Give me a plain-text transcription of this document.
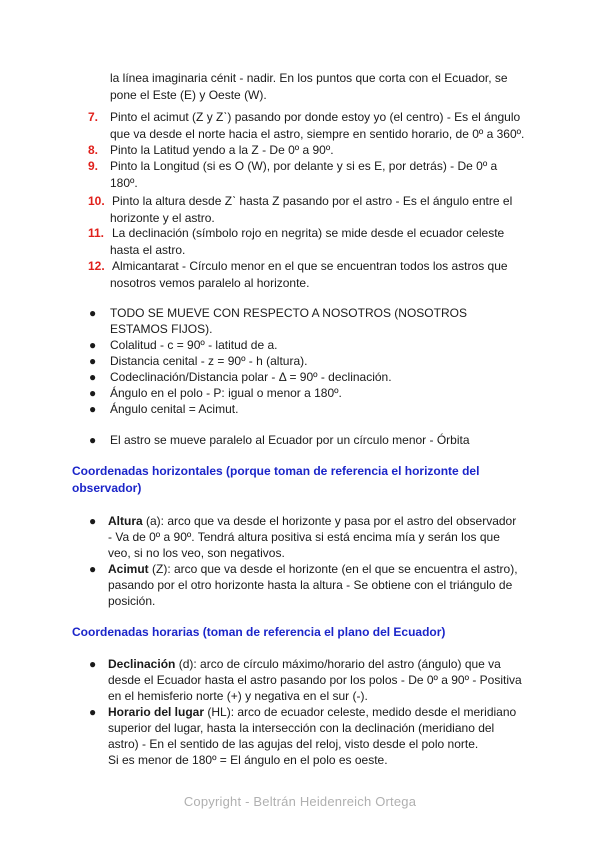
la línea imaginaria cénit - nadir. En los puntos que corta con el Ecuador, se
pone el Este (E) y Oeste (W).
7. Pinto el acimut (Z y Zˋ) pasando por donde estoy yo (el centro) - Es el ángulo
que va desde el norte hacia el astro, siempre en sentido horario, de 0º a 360º.
8. Pinto la Latitud yendo a la Z - De 0º a 90º.
9. Pinto la Longitud (si es O (W), por delante y si es E, por detrás) - De 0º a
180º.
10. Pinto la altura desde Zˋ hasta Z pasando por el astro - Es el ángulo entre el
horizonte y el astro.
11. La declinación (símbolo rojo en negrita) se mide desde el ecuador celeste
hasta el astro.
12. Almicantarat - Círculo menor en el que se encuentran todos los astros que
nosotros vemos paralelo al horizonte.
● TODO SE MUEVE CON RESPECTO A NOSOTROS (NOSOTROS
ESTAMOS FIJOS).
● Colalitud - c = 90º - latitud de a.
● Distancia cenital - z = 90º - h (altura).
● Codeclinación/Distancia polar - Δ = 90º - declinación.
● Ángulo en el polo - P: igual o menor a 180º.
● Ángulo cenital = Acimut.
● El astro se mueve paralelo al Ecuador por un círculo menor - Órbita
Coordenadas horizontales (porque toman de referencia el horizonte del
observador)
● Altura (a): arco que va desde el horizonte y pasa por el astro del observador
- Va de 0º a 90º. Tendrá altura positiva si está encima mía y serán los que
veo, si no los veo, son negativos.
● Acimut (Z): arco que va desde el horizonte (en el que se encuentra el astro),
pasando por el otro horizonte hasta la altura - Se obtiene con el triángulo de
posición.
Coordenadas horarias (toman de referencia el plano del Ecuador)
● Declinación (d): arco de círculo máximo/horario del astro (ángulo) que va
desde el Ecuador hasta el astro pasando por los polos - De 0º a 90º - Positiva
en el hemisferio norte (+) y negativa en el sur (-).
● Horario del lugar (HL): arco de ecuador celeste, medido desde el meridiano
superior del lugar, hasta la intersección con la declinación (meridiano del
astro) - En el sentido de las agujas del reloj, visto desde el polo norte.
Si es menor de 180º = El ángulo en el polo es oeste.
Copyright - Beltrán Heidenreich Ortega
